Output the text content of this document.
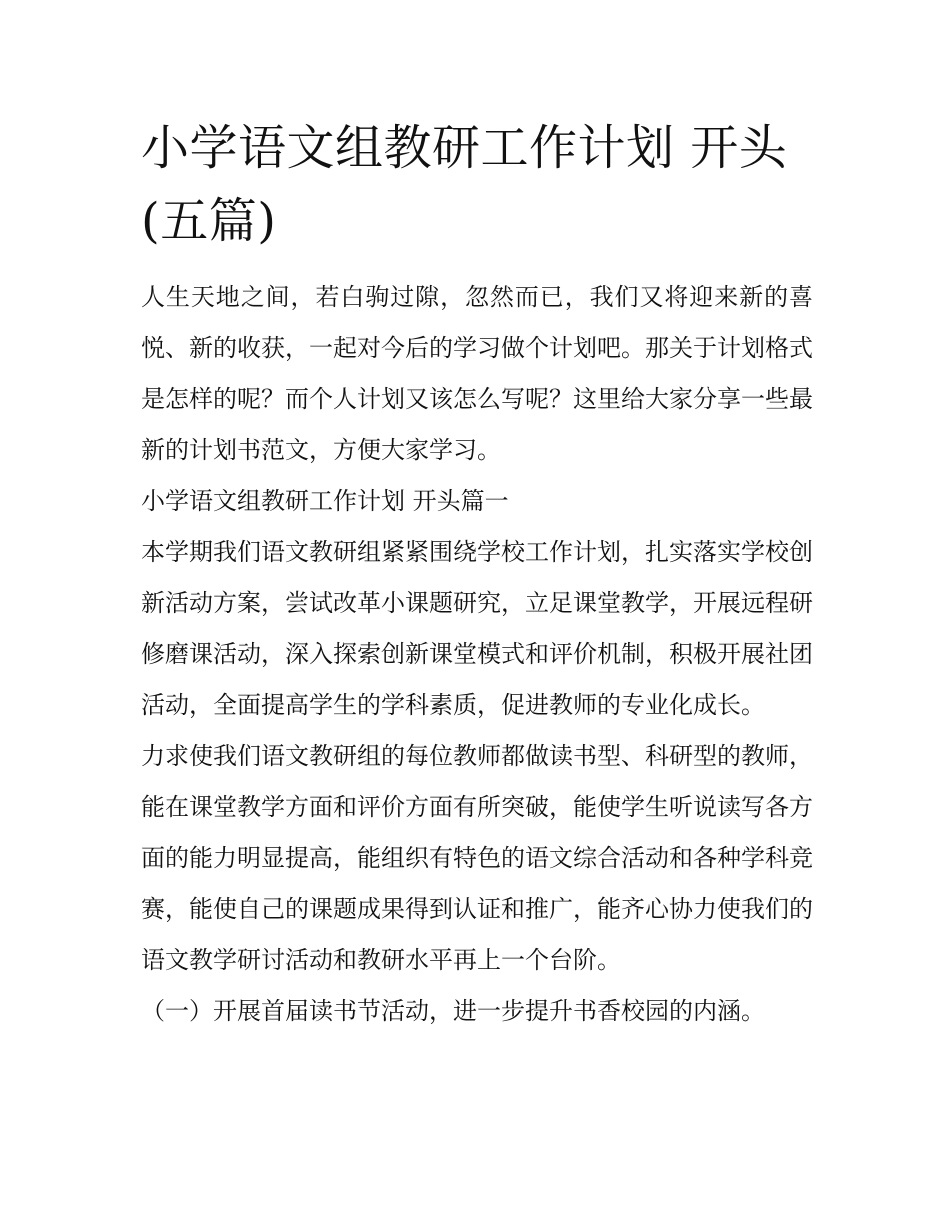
小学语文组教研工作计划 开头(五篇)

人生天地之间，若白驹过隙，忽然而已，我们又将迎来新的喜悦、新的收获，一起对今后的学习做个计划吧。那关于计划格式是怎样的呢？而个人计划又该怎么写呢？这里给大家分享一些最新的计划书范文，方便大家学习。

小学语文组教研工作计划 开头篇一

本学期我们语文教研组紧紧围绕学校工作计划，扎实落实学校创新活动方案，尝试改革小课题研究，立足课堂教学，开展远程研修磨课活动，深入探索创新课堂模式和评价机制，积极开展社团活动，全面提高学生的学科素质，促进教师的专业化成长。

力求使我们语文教研组的每位教师都做读书型、科研型的教师，能在课堂教学方面和评价方面有所突破，能使学生听说读写各方面的能力明显提高，能组织有特色的语文综合活动和各种学科竞赛，能使自己的课题成果得到认证和推广，能齐心协力使我们的语文教学研讨活动和教研水平再上一个台阶。

（一）开展首届读书节活动，进一步提升书香校园的内涵。
